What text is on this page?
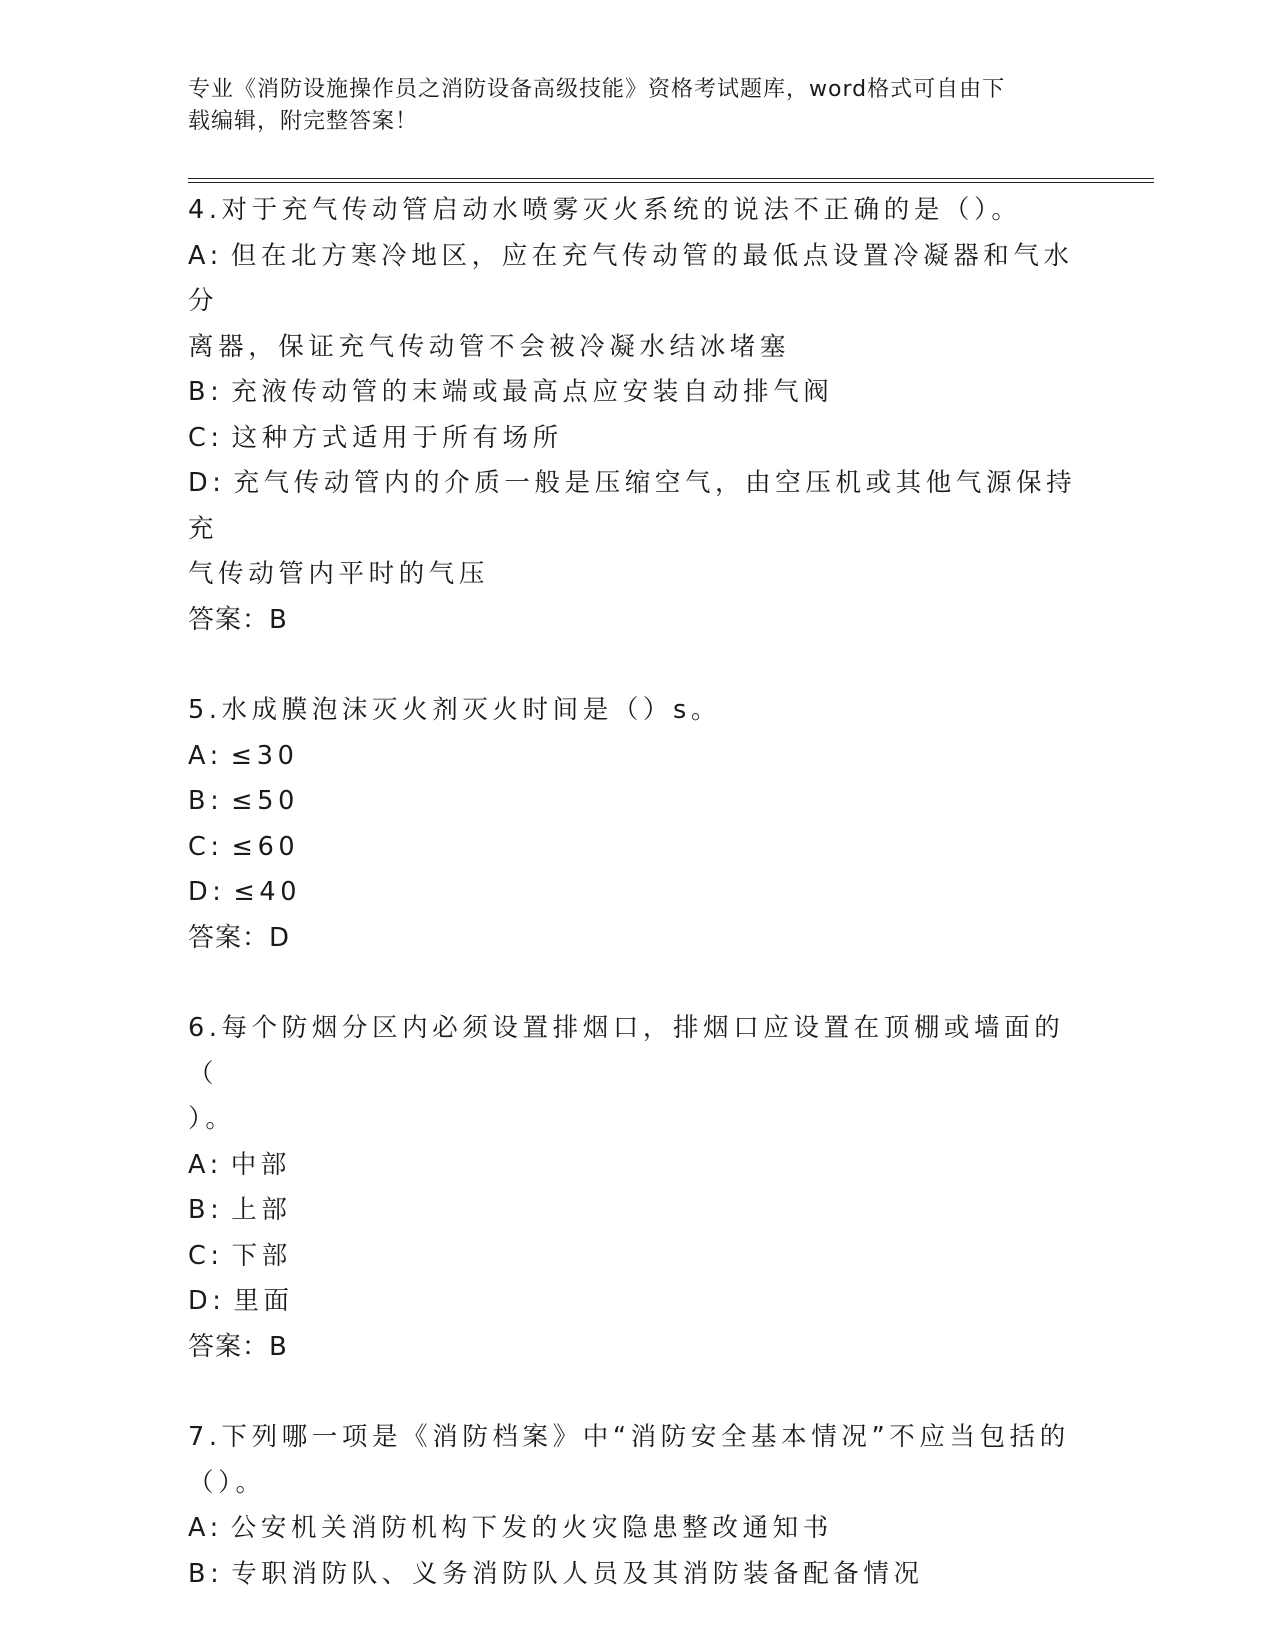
专业《消防设施操作员之消防设备高级技能》资格考试题库，word格式可自由下
载编辑，附完整答案！
4.对于充气传动管启动水喷雾灭火系统的说法不正确的是（）。
A: 但在北方寒冷地区，应在充气传动管的最低点设置冷凝器和气水分
离器，保证充气传动管不会被冷凝水结冰堵塞
B: 充液传动管的末端或最高点应安装自动排气阀
C: 这种方式适用于所有场所
D: 充气传动管内的介质一般是压缩空气，由空压机或其他气源保持充
气传动管内平时的气压
答案：B
5.水成膜泡沫灭火剂灭火时间是（）s。
A: ≤30
B: ≤50
C: ≤60
D: ≤40
答案：D
6.每个防烟分区内必须设置排烟口，排烟口应设置在顶棚或墙面的（
）。
A: 中部
B: 上部
C: 下部
D: 里面
答案：B
7.下列哪一项是《消防档案》中“消防安全基本情况”不应当包括的
（）。
A: 公安机关消防机构下发的火灾隐患整改通知书
B: 专职消防队、义务消防队人员及其消防装备配备情况
